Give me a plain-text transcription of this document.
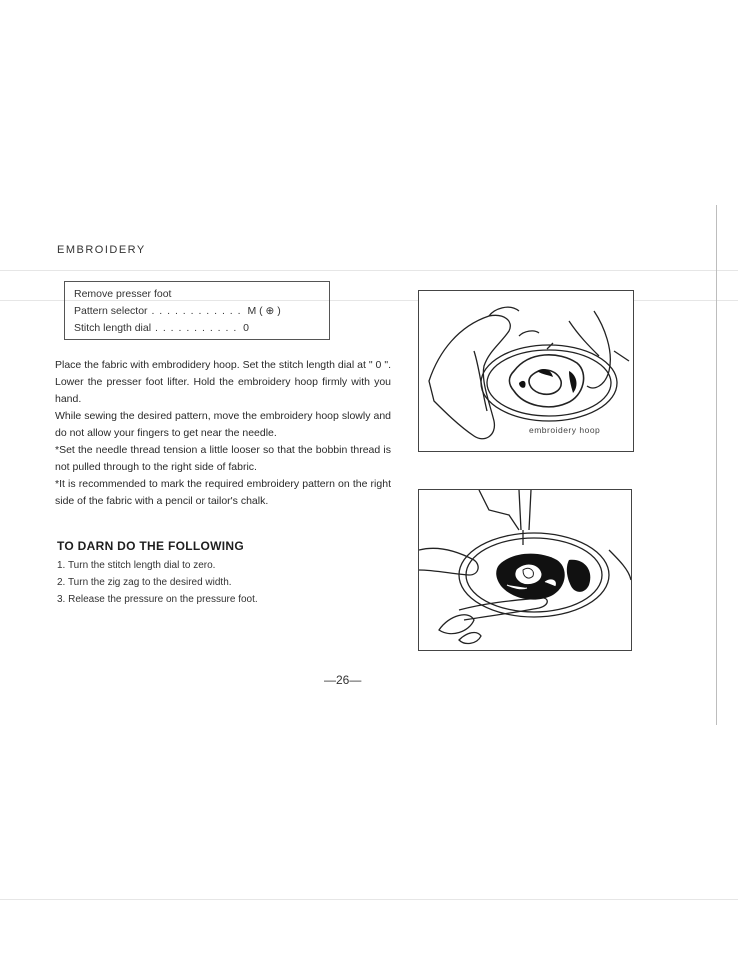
EMBROIDERY
Remove presser foot
Pattern selector . . . . . . . . . . . . M ( ⊕ )
Stitch length dial . . . . . . . . . . . 0

Place the fabric with embrodidery hoop. Set the stitch length dial at " 0 ". Lower the presser foot lifter. Hold the embroidery hoop firmly with you hand.

While sewing the desired pattern, move the embroidery hoop slowly and do not allow your fingers to get near the needle.

*Set the needle thread tension a little looser so that the bobbin thread is not pulled through to the right side of fabric.

*It is recommended to mark the required embroidery pattern on the right side of the fabric with a pencil or tailor's chalk.

TO DARN DO THE FOLLOWING
1. Turn the stitch length dial to zero.
2. Turn the zig zag to the desired width.
3. Release the pressure on the pressure foot.
embroidery hoop
—26—
